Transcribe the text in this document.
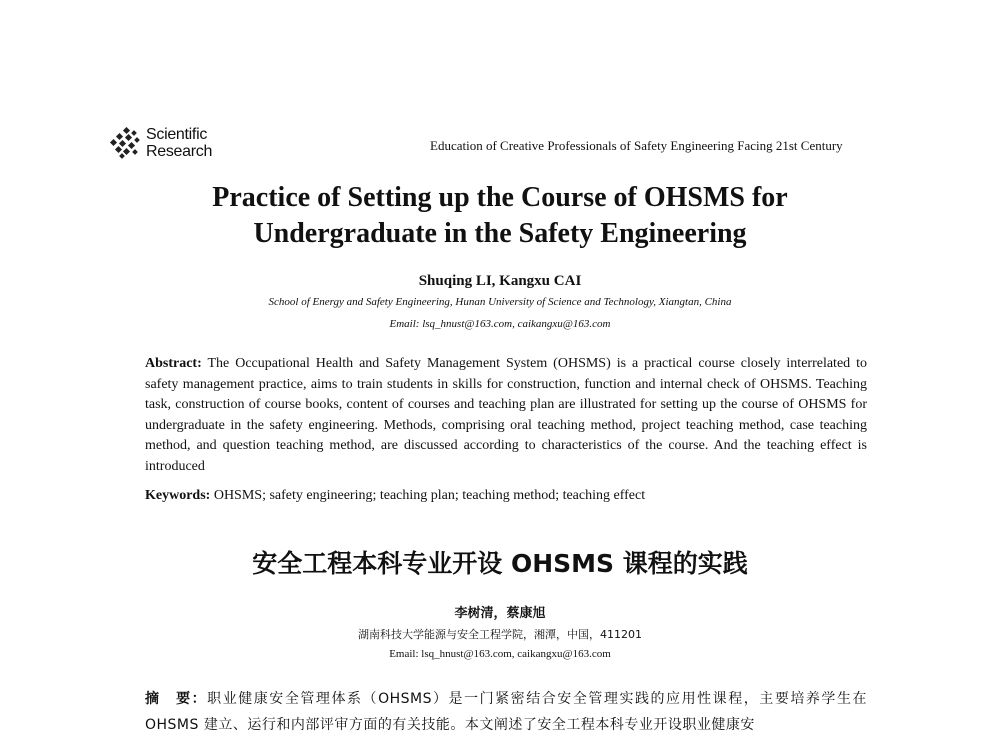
Scientific
Research	Education of Creative Professionals of Safety Engineering Facing 21st Century
Practice of Setting up the Course of OHSMS for
Undergraduate in the Safety Engineering
Shuqing LI, Kangxu CAI
School of Energy and Safety Engineering, Hunan University of Science and Technology, Xiangtan, China
Email: lsq_hnust@163.com, caikangxu@163.com
Abstract: The Occupational Health and Safety Management System (OHSMS) is a practical course closely interrelated to safety management practice, aims to train students in skills for construction, function and internal check of OHSMS. Teaching task, construction of course books, content of courses and teaching plan are illustrated for setting up the course of OHSMS for undergraduate in the safety engineering. Methods, comprising oral teaching method, project teaching method, case teaching method, and question teaching method, are discussed according to characteristics of the course. And the teaching effect is introduced
Keywords: OHSMS; safety engineering; teaching plan; teaching method; teaching effect
安全工程本科专业开设 OHSMS 课程的实践
李树清，蔡康旭
湖南科技大学能源与安全工程学院，湘潭，中国，411201
Email: lsq_hnust@163.com, caikangxu@163.com
摘　要：职业健康安全管理体系（OHSMS）是一门紧密结合安全管理实践的应用性课程，主要培养学生在 OHSMS 建立、运行和内部评审方面的有关技能。本文阐述了安全工程本科专业开设职业健康安
